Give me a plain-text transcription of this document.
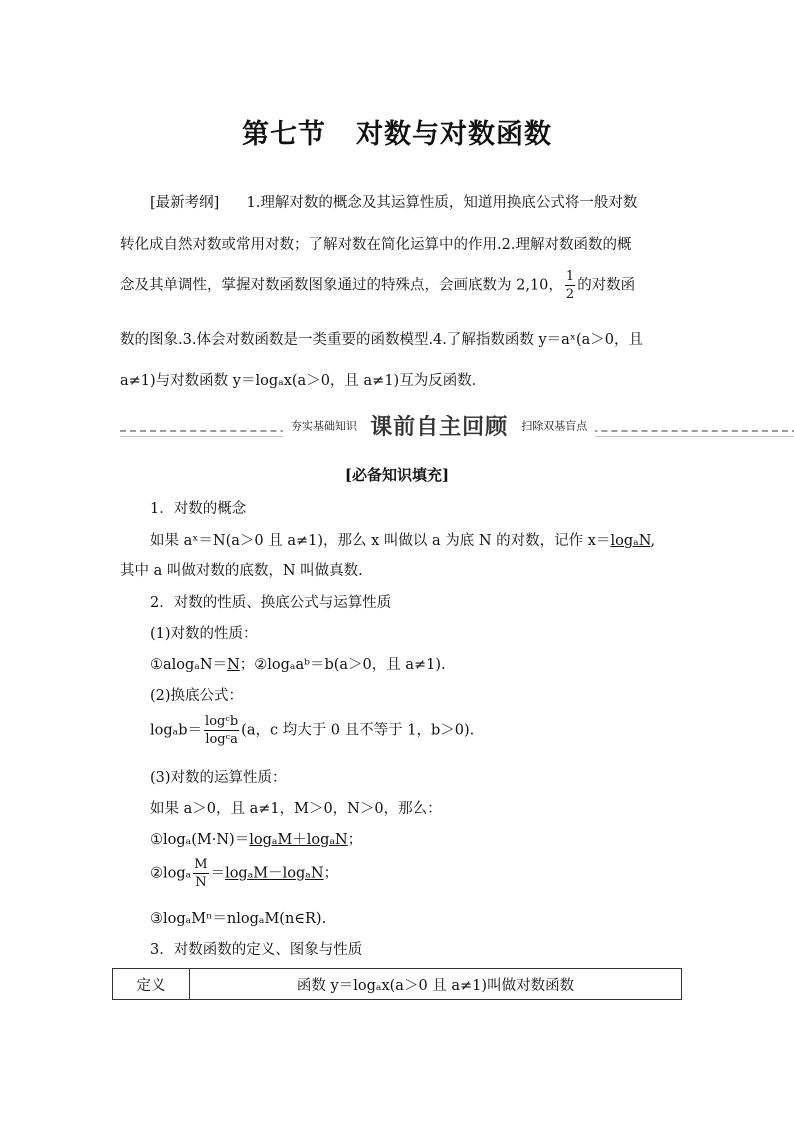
第七节 对数与对数函数
[最新考纲] 1.理解对数的概念及其运算性质，知道用换底公式将一般对数
转化成自然对数或常用对数；了解对数在简化运算中的作用.2.理解对数函数的概
念及其单调性，掌握对数函数图象通过的特殊点，会画底数为 2,10， $\frac{1}{2}$ 的对数函
数的图象.3.体会对数函数是一类重要的函数模型.4.了解指数函数 y＝aˣ(a＞0，且
a≠1)与对数函数 y＝logₐx(a＞0，且 a≠1)互为反函数．
夯实基础知识 课前自主回顾 扫除双基盲点
[必备知识填充]
1．对数的概念
如果 aˣ＝N(a＞0 且 a≠1)，那么 x 叫做以 a 为底 N 的对数，记作 x＝logₐN,
其中 a 叫做对数的底数，N 叫做真数.
2．对数的性质、换底公式与运算性质
(1)对数的性质：
①alogₐN＝N；②logₐaᵇ＝b(a＞0，且 a≠1).
(2)换底公式：
$\log_ab= \frac{\text{logᶜb}}{\text{logᶜa}} (a$，c 均大于 0 且不等于 1，b＞0).
(3)对数的运算性质：
如果 a＞0，且 a≠1，M＞0，N＞0，那么：
①logₐ(M·N)＝logₐM＋logₐN；
②logₐ $\frac{M}{N} =\log_aM-\log_aN$；
③logₐMⁿ＝nlogₐM(n∈R).
3．对数函数的定义、图象与性质
定义	函数 y＝logₐx(a＞0 且 a≠1)叫做对数函数
